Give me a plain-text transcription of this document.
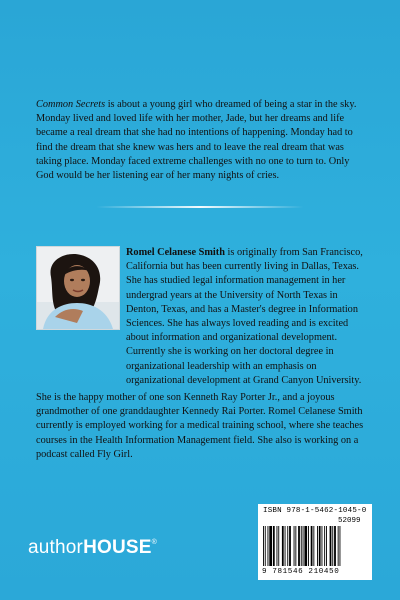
Common Secrets is about a young girl who dreamed of being a star in the sky. Monday lived and loved life with her mother, Jade, but her dreams and life became a real dream that she had no intentions of happening. Monday had to find the dream that she knew was hers and to leave the real dream that was taking place. Monday faced extreme challenges with no one to turn to. Only God would be her listening ear of her many nights of cries.

Romel Celanese Smith is originally from San Francisco, California but has been currently living in Dallas, Texas. She has studied legal information management in her undergrad years at the University of North Texas in Denton, Texas, and has a Master's degree in Information Sciences. She has always loved reading and is excited about information and organizational development. Currently she is working on her doctoral degree in organizational leadership with an emphasis on organizational development at Grand Canyon University.

She is the happy mother of one son Kenneth Ray Porter Jr., and a joyous grandmother of one granddaughter Kennedy Rai Porter. Romel Celanese Smith currently is employed working for a medical training school, where she teaches courses in the Health Information Management field. She also is working on a podcast called Fly Girl.

authorHOUSE®
ISBN 978-1-5462-1045-0
52099
9 781546 210450
